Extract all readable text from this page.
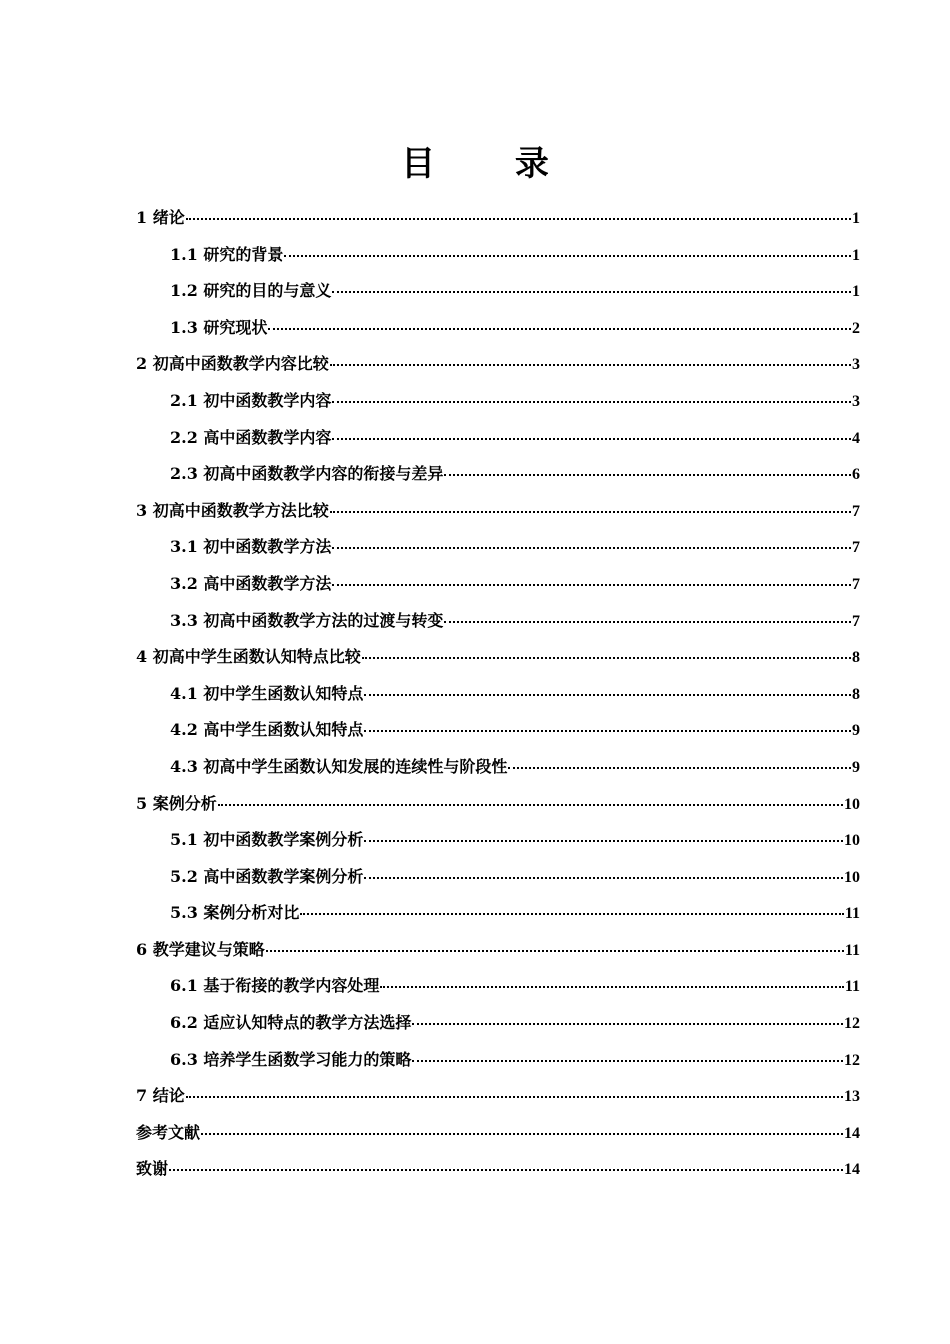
目 录
1 绪论	1
1.1 研究的背景	1
1.2 研究的目的与意义	1
1.3 研究现状	2
2 初高中函数教学内容比较	3
2.1 初中函数教学内容	3
2.2 高中函数教学内容	4
2.3 初高中函数教学内容的衔接与差异	6
3 初高中函数教学方法比较	7
3.1 初中函数教学方法	7
3.2 高中函数教学方法	7
3.3 初高中函数教学方法的过渡与转变	7
4 初高中学生函数认知特点比较	8
4.1 初中学生函数认知特点	8
4.2 高中学生函数认知特点	9
4.3 初高中学生函数认知发展的连续性与阶段性	9
5 案例分析	10
5.1 初中函数教学案例分析	10
5.2 高中函数教学案例分析	10
5.3 案例分析对比	11
6 教学建议与策略	11
6.1 基于衔接的教学内容处理	11
6.2 适应认知特点的教学方法选择	12
6.3 培养学生函数学习能力的策略	12
7 结论	13
参考文献	14
致谢	14
